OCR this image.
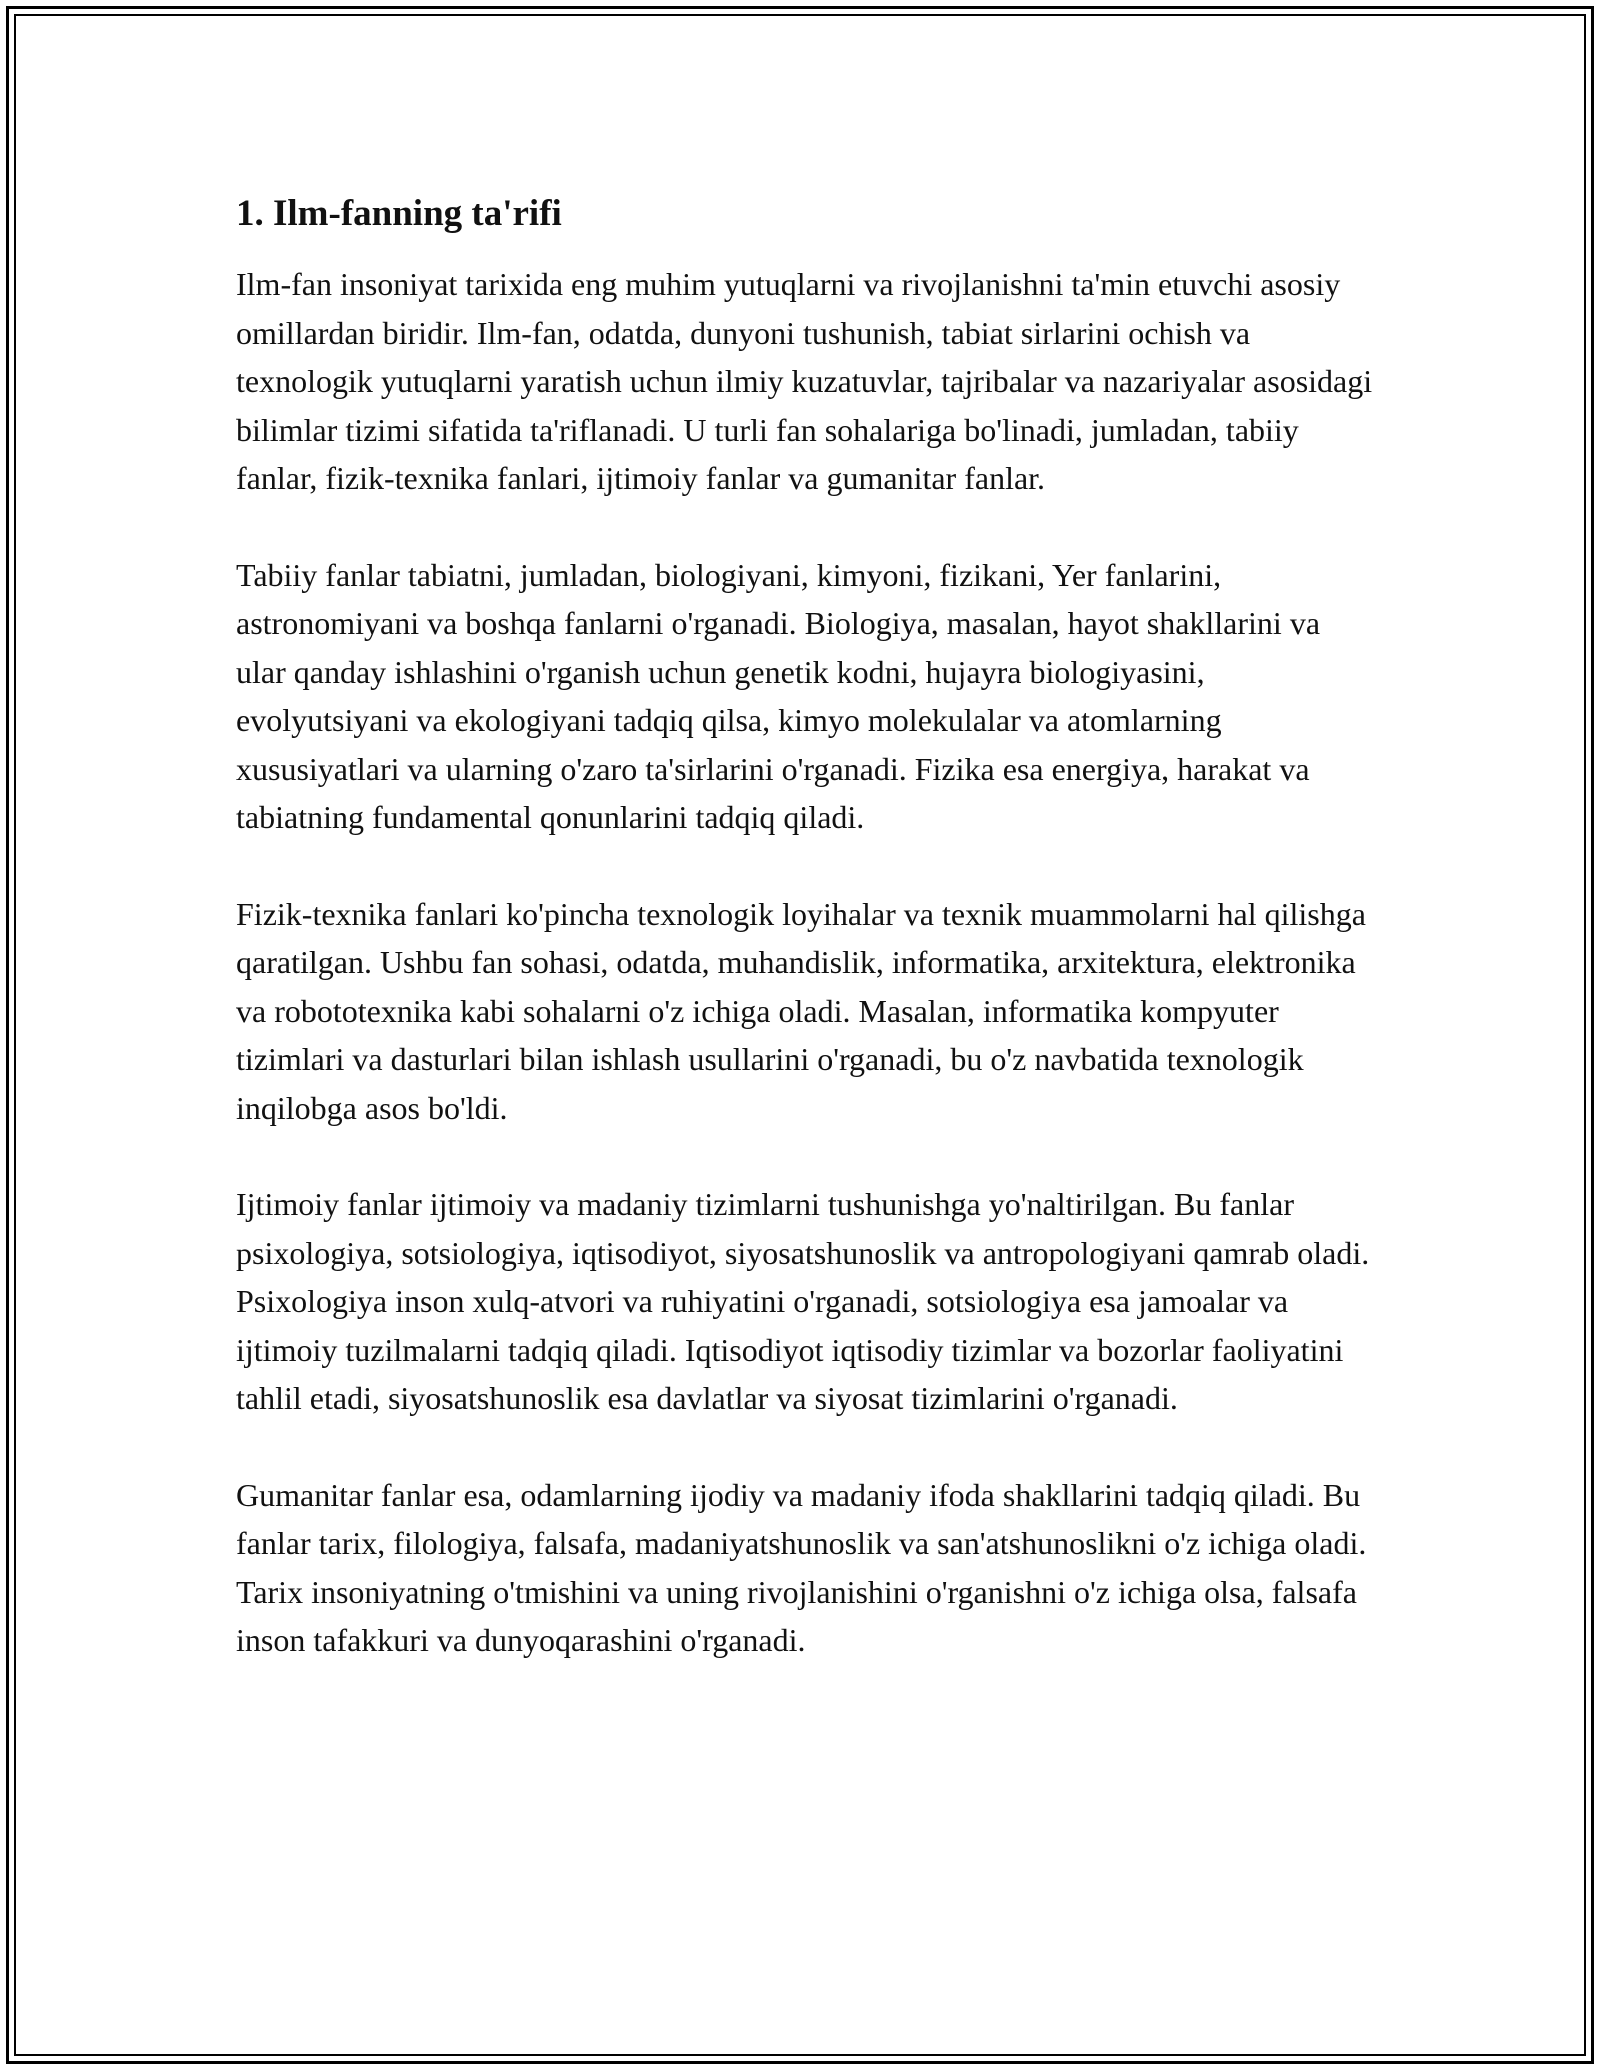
1. Ilm-fanning ta'rifi

Ilm-fan insoniyat tarixida eng muhim yutuqlarni va rivojlanishni ta'min etuvchi asosiy omillardan biridir. Ilm-fan, odatda, dunyoni tushunish, tabiat sirlarini ochish va texnologik yutuqlarni yaratish uchun ilmiy kuzatuvlar, tajribalar va nazariyalar asosidagi bilimlar tizimi sifatida ta'riflanadi. U turli fan sohalariga bo'linadi, jumladan, tabiiy fanlar, fizik-texnika fanlari, ijtimoiy fanlar va gumanitar fanlar.

Tabiiy fanlar tabiatni, jumladan, biologiyani, kimyoni, fizikani, Yer fanlarini, astronomiyani va boshqa fanlarni o'rganadi. Biologiya, masalan, hayot shakllarini va ular qanday ishlashini o'rganish uchun genetik kodni, hujayra biologiyasini, evolyutsiyani va ekologiyani tadqiq qilsa, kimyo molekulalar va atomlarning xususiyatlari va ularning o'zaro ta'sirlarini o'rganadi. Fizika esa energiya, harakat va tabiatning fundamental qonunlarini tadqiq qiladi.

Fizik-texnika fanlari ko'pincha texnologik loyihalar va texnik muammolarni hal qilishga qaratilgan. Ushbu fan sohasi, odatda, muhandislik, informatika, arxitektura, elektronika va robototexnika kabi sohalarni o'z ichiga oladi. Masalan, informatika kompyuter tizimlari va dasturlari bilan ishlash usullarini o'rganadi, bu o'z navbatida texnologik inqilobga asos bo'ldi.

Ijtimoiy fanlar ijtimoiy va madaniy tizimlarni tushunishga yo'naltirilgan. Bu fanlar psixologiya, sotsiologiya, iqtisodiyot, siyosatshunoslik va antropologiyani qamrab oladi. Psixologiya inson xulq-atvori va ruhiyatini o'rganadi, sotsiologiya esa jamoalar va ijtimoiy tuzilmalarni tadqiq qiladi. Iqtisodiyot iqtisodiy tizimlar va bozorlar faoliyatini tahlil etadi, siyosatshunoslik esa davlatlar va siyosat tizimlarini o'rganadi.

Gumanitar fanlar esa, odamlarning ijodiy va madaniy ifoda shakllarini tadqiq qiladi. Bu fanlar tarix, filologiya, falsafa, madaniyatshunoslik va san'atshunoslikni o'z ichiga oladi. Tarix insoniyatning o'tmishini va uning rivojlanishini o'rganishni o'z ichiga olsa, falsafa inson tafakkuri va dunyoqarashini o'rganadi.
